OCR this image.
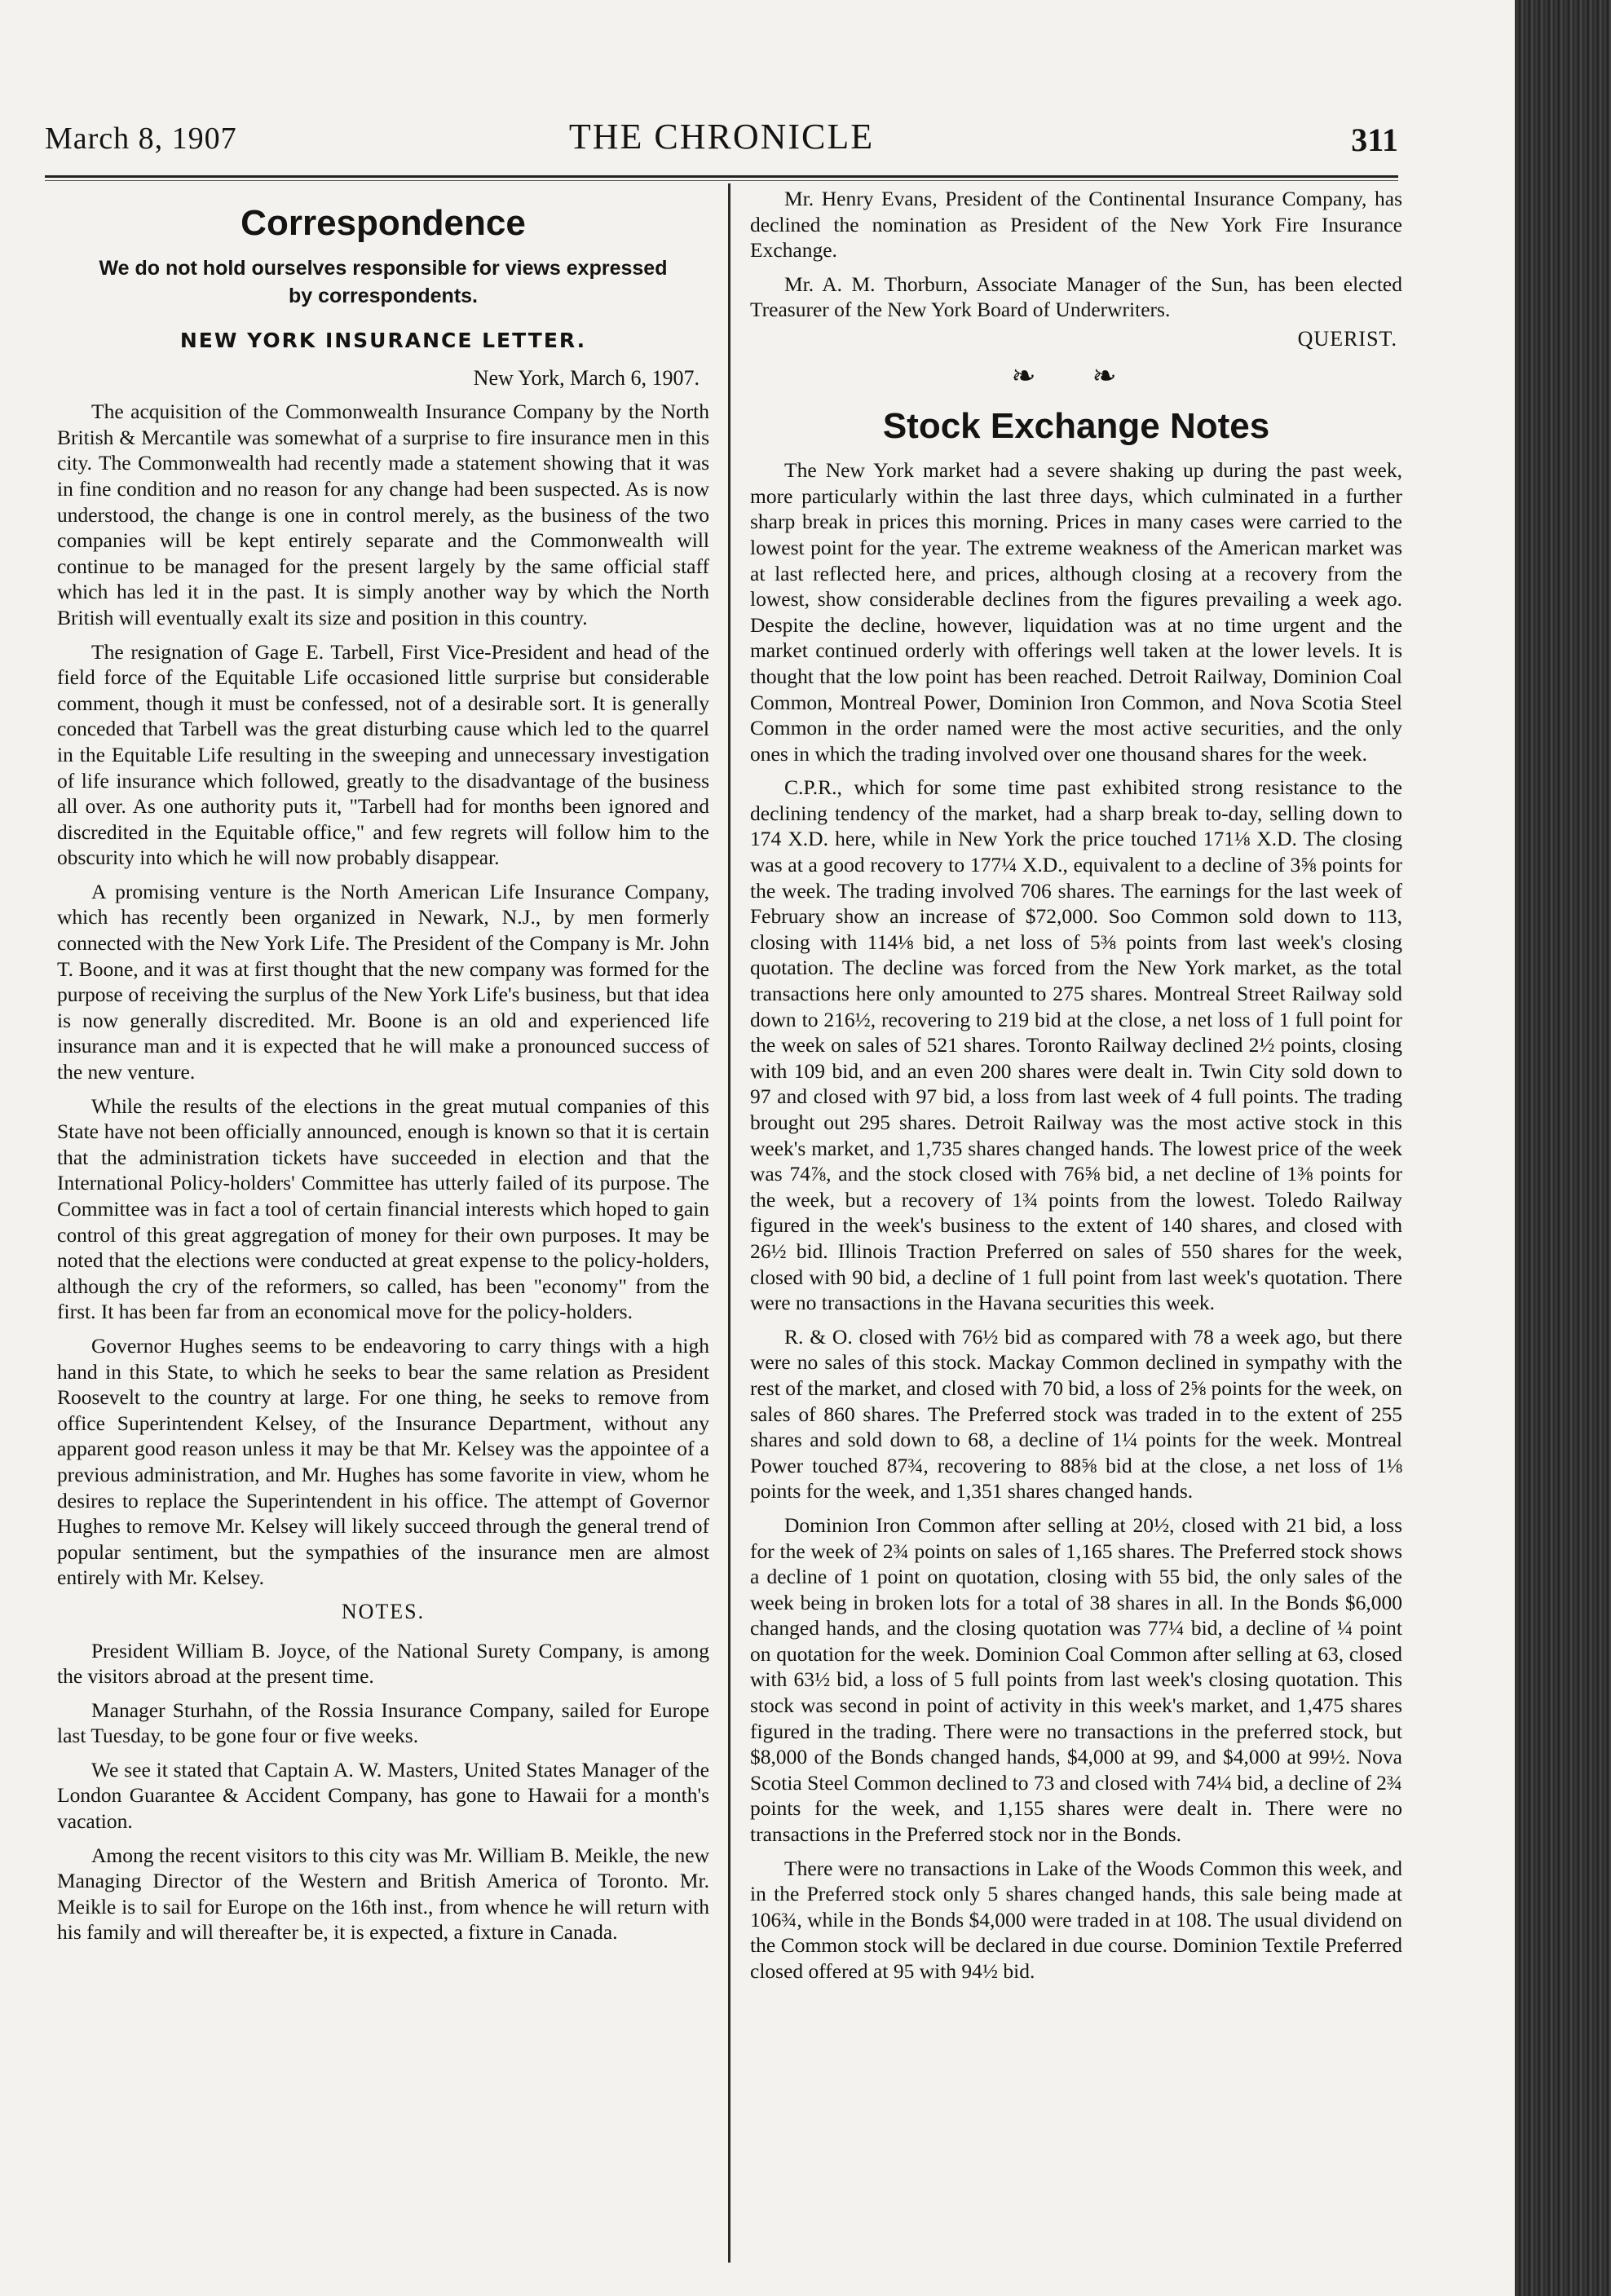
March 8, 1907	THE CHRONICLE	311
Correspondence
We do not hold ourselves responsible for views expressed by correspondents.
NEW YORK INSURANCE LETTER.
New York, March 6, 1907.

The acquisition of the Commonwealth Insurance Company by the North British & Mercantile was somewhat of a surprise to fire insurance men in this city. The Commonwealth had recently made a statement showing that it was in fine condition and no reason for any change had been suspected. As is now understood, the change is one in control merely, as the business of the two companies will be kept entirely separate and the Commonwealth will continue to be managed for the present largely by the same official staff which has led it in the past. It is simply another way by which the North British will eventually exalt its size and position in this country.

The resignation of Gage E. Tarbell, First Vice-President and head of the field force of the Equitable Life occasioned little surprise but considerable comment, though it must be confessed, not of a desirable sort. It is generally conceded that Tarbell was the great disturbing cause which led to the quarrel in the Equitable Life resulting in the sweeping and unnecessary investigation of life insurance which followed, greatly to the disadvantage of the business all over. As one authority puts it, "Tarbell had for months been ignored and discredited in the Equitable office," and few regrets will follow him to the obscurity into which he will now probably disappear.

A promising venture is the North American Life Insurance Company, which has recently been organized in Newark, N.J., by men formerly connected with the New York Life. The President of the Company is Mr. John T. Boone, and it was at first thought that the new company was formed for the purpose of receiving the surplus of the New York Life's business, but that idea is now generally discredited. Mr. Boone is an old and experienced life insurance man and it is expected that he will make a pronounced success of the new venture.

While the results of the elections in the great mutual companies of this State have not been officially announced, enough is known so that it is certain that the administration tickets have succeeded in election and that the International Policy-holders' Committee has utterly failed of its purpose. The Committee was in fact a tool of certain financial interests which hoped to gain control of this great aggregation of money for their own purposes. It may be noted that the elections were conducted at great expense to the policy-holders, although the cry of the reformers, so called, has been "economy" from the first. It has been far from an economical move for the policy-holders.

Governor Hughes seems to be endeavoring to carry things with a high hand in this State, to which he seeks to bear the same relation as President Roosevelt to the country at large. For one thing, he seeks to remove from office Superintendent Kelsey, of the Insurance Department, without any apparent good reason unless it may be that Mr. Kelsey was the appointee of a previous administration, and Mr. Hughes has some favorite in view, whom he desires to replace the Superintendent in his office. The attempt of Governor Hughes to remove Mr. Kelsey will likely succeed through the general trend of popular sentiment, but the sympathies of the insurance men are almost entirely with Mr. Kelsey.

NOTES.

President William B. Joyce, of the National Surety Company, is among the visitors abroad at the present time.

Manager Sturhahn, of the Rossia Insurance Company, sailed for Europe last Tuesday, to be gone four or five weeks.

We see it stated that Captain A. W. Masters, United States Manager of the London Guarantee & Accident Company, has gone to Hawaii for a month's vacation.

Among the recent visitors to this city was Mr. William B. Meikle, the new Managing Director of the Western and British America of Toronto. Mr. Meikle is to sail for Europe on the 16th inst., from whence he will return with his family and will thereafter be, it is expected, a fixture in Canada.

Mr. Henry Evans, President of the Continental Insurance Company, has declined the nomination as President of the New York Fire Insurance Exchange.

Mr. A. M. Thorburn, Associate Manager of the Sun, has been elected Treasurer of the New York Board of Underwriters.

QUERIST.
❧ ❧
Stock Exchange Notes

The New York market had a severe shaking up during the past week, more particularly within the last three days, which culminated in a further sharp break in prices this morning. Prices in many cases were carried to the lowest point for the year. The extreme weakness of the American market was at last reflected here, and prices, although closing at a recovery from the lowest, show considerable declines from the figures prevailing a week ago. Despite the decline, however, liquidation was at no time urgent and the market continued orderly with offerings well taken at the lower levels. It is thought that the low point has been reached. Detroit Railway, Dominion Coal Common, Montreal Power, Dominion Iron Common, and Nova Scotia Steel Common in the order named were the most active securities, and the only ones in which the trading involved over one thousand shares for the week.

C.P.R., which for some time past exhibited strong resistance to the declining tendency of the market, had a sharp break to-day, selling down to 174 X.D. here, while in New York the price touched 171⅛ X.D. The closing was at a good recovery to 177¼ X.D., equivalent to a decline of 3⅝ points for the week. The trading involved 706 shares. The earnings for the last week of February show an increase of $72,000. Soo Common sold down to 113, closing with 114⅛ bid, a net loss of 5⅜ points from last week's closing quotation. The decline was forced from the New York market, as the total transactions here only amounted to 275 shares. Montreal Street Railway sold down to 216½, recovering to 219 bid at the close, a net loss of 1 full point for the week on sales of 521 shares. Toronto Railway declined 2½ points, closing with 109 bid, and an even 200 shares were dealt in. Twin City sold down to 97 and closed with 97 bid, a loss from last week of 4 full points. The trading brought out 295 shares. Detroit Railway was the most active stock in this week's market, and 1,735 shares changed hands. The lowest price of the week was 74⅞, and the stock closed with 76⅝ bid, a net decline of 1⅜ points for the week, but a recovery of 1¾ points from the lowest. Toledo Railway figured in the week's business to the extent of 140 shares, and closed with 26½ bid. Illinois Traction Preferred on sales of 550 shares for the week, closed with 90 bid, a decline of 1 full point from last week's quotation. There were no transactions in the Havana securities this week.

R. & O. closed with 76½ bid as compared with 78 a week ago, but there were no sales of this stock. Mackay Common declined in sympathy with the rest of the market, and closed with 70 bid, a loss of 2⅝ points for the week, on sales of 860 shares. The Preferred stock was traded in to the extent of 255 shares and sold down to 68, a decline of 1¼ points for the week. Montreal Power touched 87¾, recovering to 88⅝ bid at the close, a net loss of 1⅛ points for the week, and 1,351 shares changed hands.

Dominion Iron Common after selling at 20½, closed with 21 bid, a loss for the week of 2¾ points on sales of 1,165 shares. The Preferred stock shows a decline of 1 point on quotation, closing with 55 bid, the only sales of the week being in broken lots for a total of 38 shares in all. In the Bonds $6,000 changed hands, and the closing quotation was 77¼ bid, a decline of ¼ point on quotation for the week. Dominion Coal Common after selling at 63, closed with 63½ bid, a loss of 5 full points from last week's closing quotation. This stock was second in point of activity in this week's market, and 1,475 shares figured in the trading. There were no transactions in the preferred stock, but $8,000 of the Bonds changed hands, $4,000 at 99, and $4,000 at 99½. Nova Scotia Steel Common declined to 73 and closed with 74¼ bid, a decline of 2¾ points for the week, and 1,155 shares were dealt in. There were no transactions in the Preferred stock nor in the Bonds.

There were no transactions in Lake of the Woods Common this week, and in the Preferred stock only 5 shares changed hands, this sale being made at 106¾, while in the Bonds $4,000 were traded in at 108. The usual dividend on the Common stock will be declared in due course. Dominion Textile Preferred closed offered at 95 with 94½ bid.
